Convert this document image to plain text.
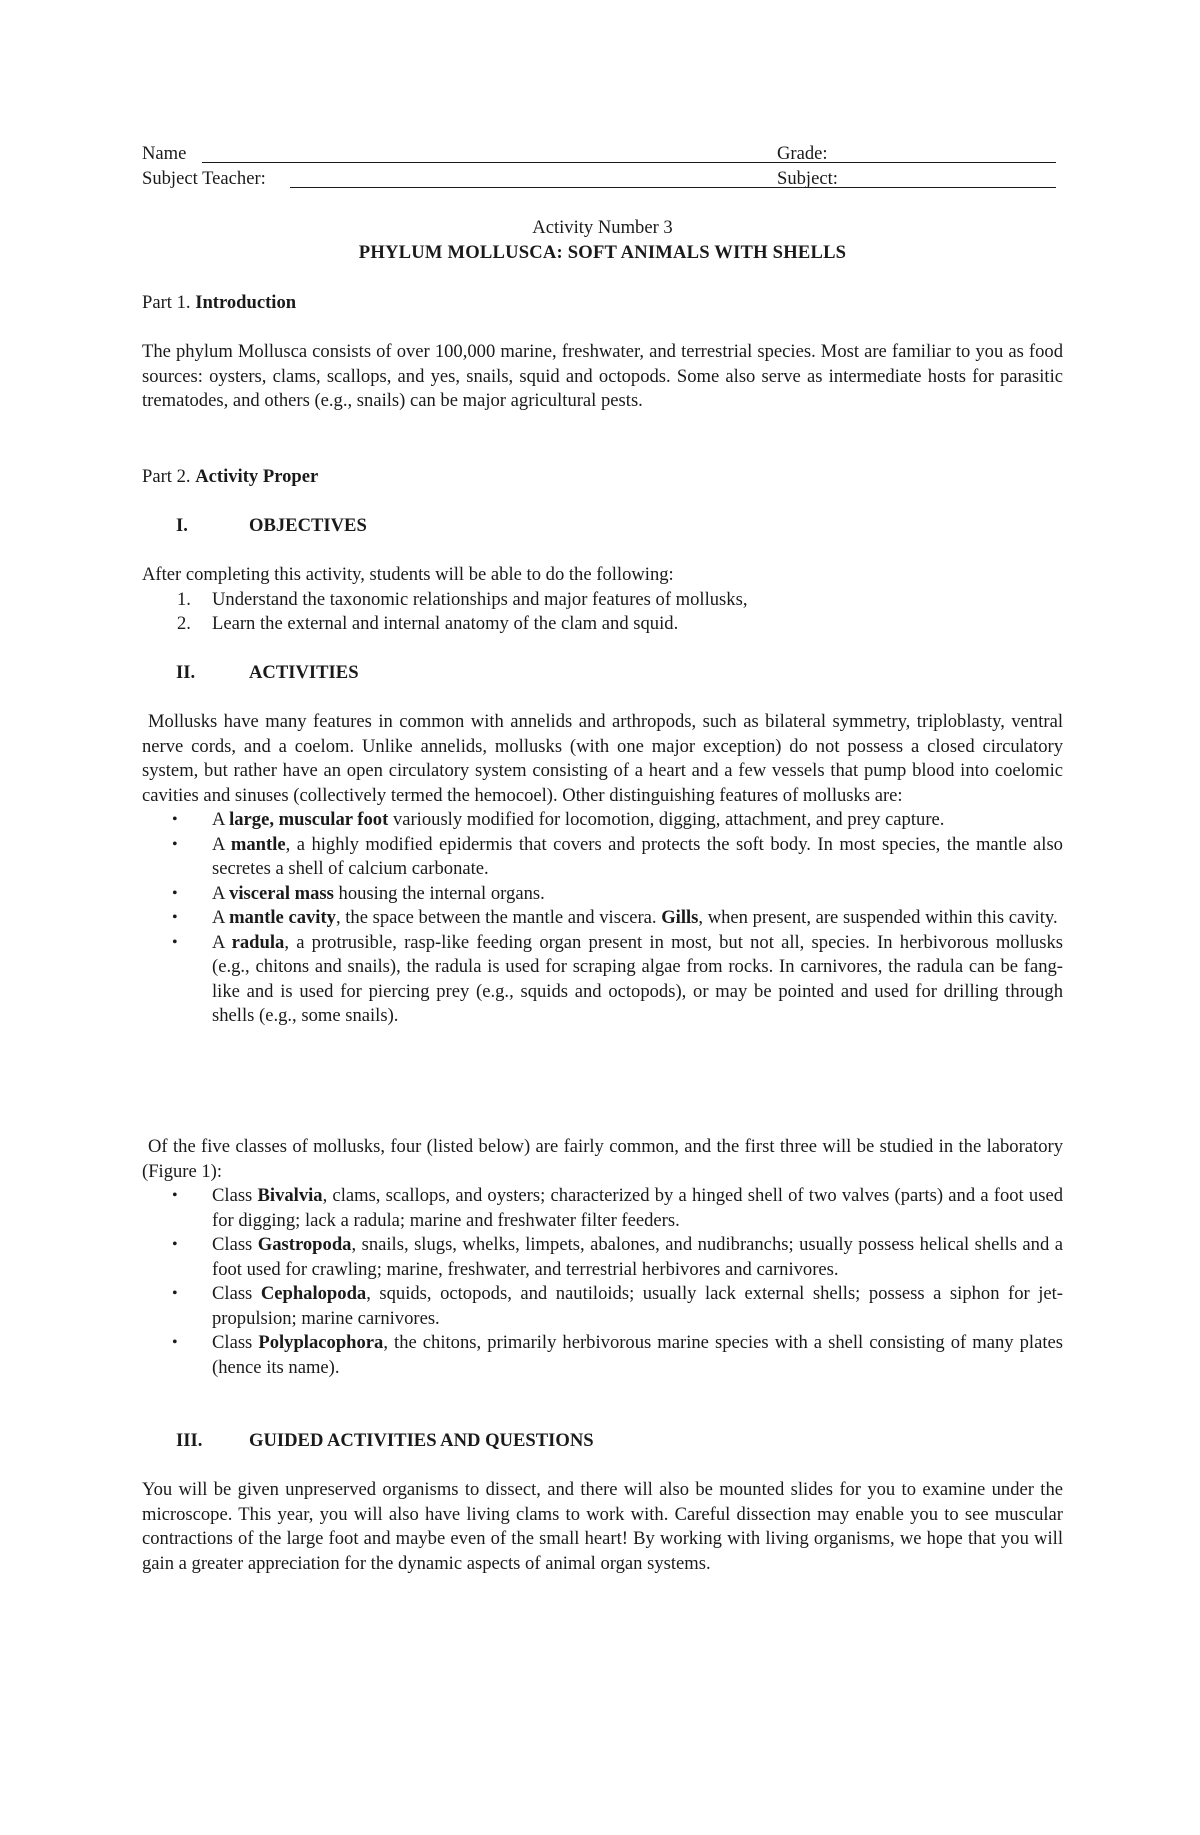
Name	Grade:
Subject Teacher:	Subject:
Activity Number 3
PHYLUM MOLLUSCA: SOFT ANIMALS WITH SHELLS
Part 1. Introduction

The phylum Mollusca consists of over 100,000 marine, freshwater, and terrestrial species. Most are familiar to you as food sources: oysters, clams, scallops, and yes, snails, squid and octopods. Some also serve as intermediate hosts for parasitic trematodes, and others (e.g., snails) can be major agricultural pests.

Part 2. Activity Proper
I.	OBJECTIVES

After completing this activity, students will be able to do the following:

1. Understand the taxonomic relationships and major features of mollusks,
2. Learn the external and internal anatomy of the clam and squid.
II.	ACTIVITIES

Mollusks have many features in common with annelids and arthropods, such as bilateral symmetry, triploblasty, ventral nerve cords, and a coelom. Unlike annelids, mollusks (with one major exception) do not possess a closed circulatory system, but rather have an open circulatory system consisting of a heart and a few vessels that pump blood into coelomic cavities and sinuses (collectively termed the hemocoel). Other distinguishing features of mollusks are:

• A large, muscular foot variously modified for locomotion, digging, attachment, and prey capture.
• A mantle, a highly modified epidermis that covers and protects the soft body. In most species, the mantle also secretes a shell of calcium carbonate.
• A visceral mass housing the internal organs.
• A mantle cavity, the space between the mantle and viscera. Gills, when present, are suspended within this cavity.
• A radula, a protrusible, rasp-like feeding organ present in most, but not all, species. In herbivorous mollusks (e.g., chitons and snails), the radula is used for scraping algae from rocks. In carnivores, the radula can be fang-like and is used for piercing prey (e.g., squids and octopods), or may be pointed and used for drilling through shells (e.g., some snails).

Of the five classes of mollusks, four (listed below) are fairly common, and the first three will be studied in the laboratory (Figure 1):

• Class Bivalvia, clams, scallops, and oysters; characterized by a hinged shell of two valves (parts) and a foot used for digging; lack a radula; marine and freshwater filter feeders.
• Class Gastropoda, snails, slugs, whelks, limpets, abalones, and nudibranchs; usually possess helical shells and a foot used for crawling; marine, freshwater, and terrestrial herbivores and carnivores.
• Class Cephalopoda, squids, octopods, and nautiloids; usually lack external shells; possess a siphon for jet-propulsion; marine carnivores.
• Class Polyplacophora, the chitons, primarily herbivorous marine species with a shell consisting of many plates (hence its name).
III.	GUIDED ACTIVITIES AND QUESTIONS

You will be given unpreserved organisms to dissect, and there will also be mounted slides for you to examine under the microscope. This year, you will also have living clams to work with. Careful dissection may enable you to see muscular contractions of the large foot and maybe even of the small heart! By working with living organisms, we hope that you will gain a greater appreciation for the dynamic aspects of animal organ systems.
